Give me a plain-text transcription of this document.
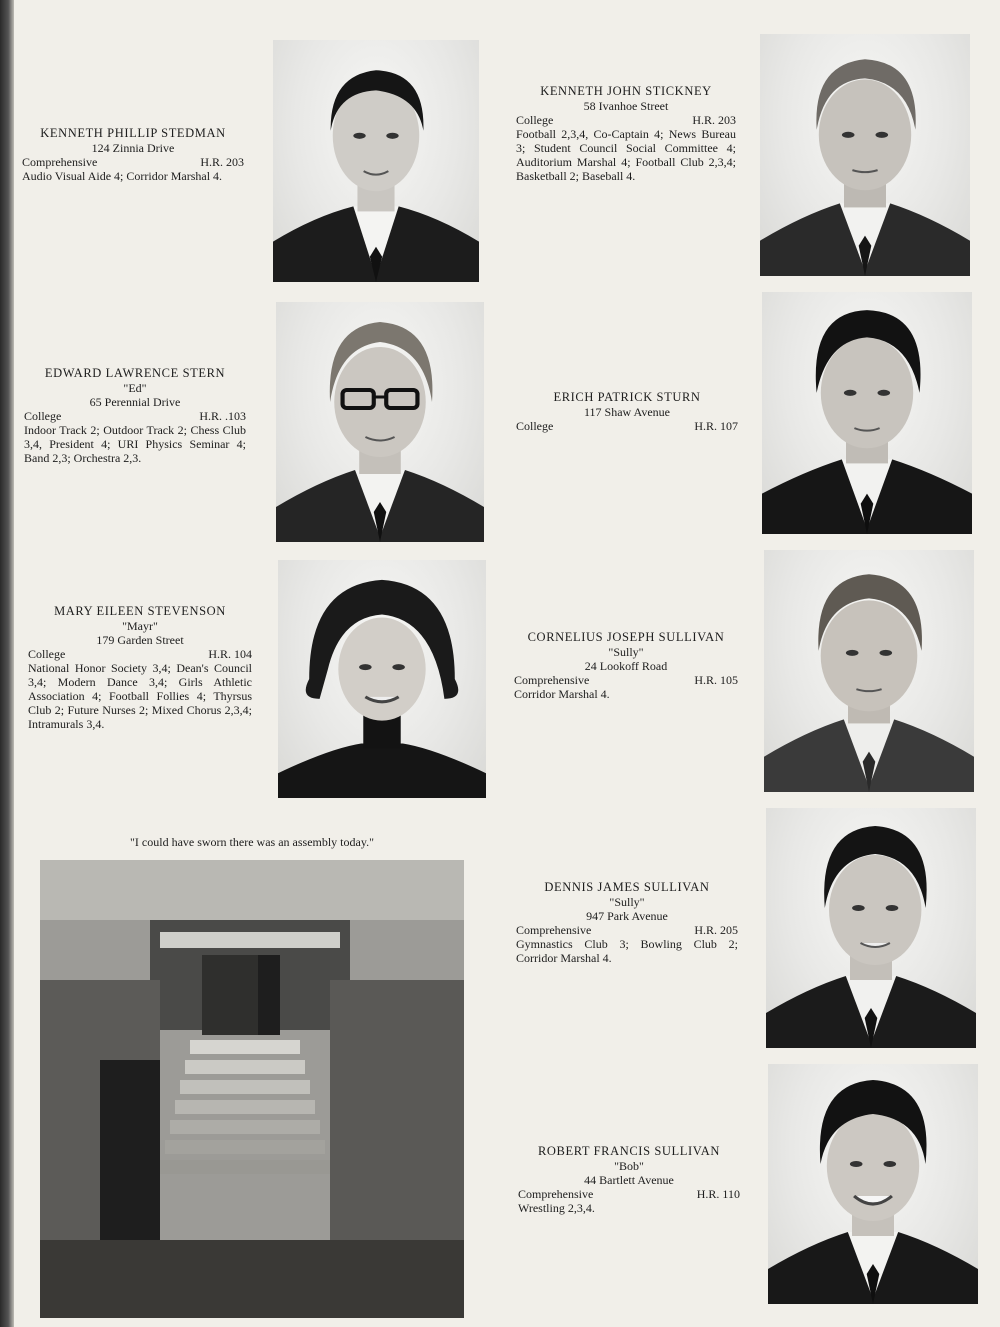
KENNETH PHILLIP STEDMAN
124 Zinnia Drive
Comprehensive	H.R. 203
Audio Visual Aide 4; Corridor Marshal 4.
KENNETH JOHN STICKNEY
58 Ivanhoe Street
College	H.R. 203
Football 2,3,4, Co-Captain 4; News Bureau 3; Student Council Social Committee 4; Auditorium Marshal 4; Football Club 2,3,4; Basketball 2; Baseball 4.
EDWARD LAWRENCE STERN
"Ed"
65 Perennial Drive
College	H.R. .103
Indoor Track 2; Outdoor Track 2; Chess Club 3,4, President 4; URI Physics Seminar 4; Band 2,3; Orchestra 2,3.
ERICH PATRICK STURN
117 Shaw Avenue
College	H.R. 107
MARY EILEEN STEVENSON
"Mayr"
179 Garden Street
College	H.R. 104
National Honor Society 3,4; Dean's Council 3,4; Modern Dance 3,4; Girls Athletic Association 4; Football Follies 4; Thyrsus Club 2; Future Nurses 2; Mixed Chorus 2,3,4; Intramurals 3,4.
CORNELIUS JOSEPH SULLIVAN
"Sully"
24 Lookoff Road
Comprehensive	H.R. 105
Corridor Marshal 4.
DENNIS JAMES SULLIVAN
"Sully"
947 Park Avenue
Comprehensive	H.R. 205
Gymnastics Club 3; Bowling Club 2; Corridor Marshal 4.
ROBERT FRANCIS SULLIVAN
"Bob"
44 Bartlett Avenue
Comprehensive	H.R. 110
Wrestling 2,3,4.
"I could have sworn there was an assembly today."
